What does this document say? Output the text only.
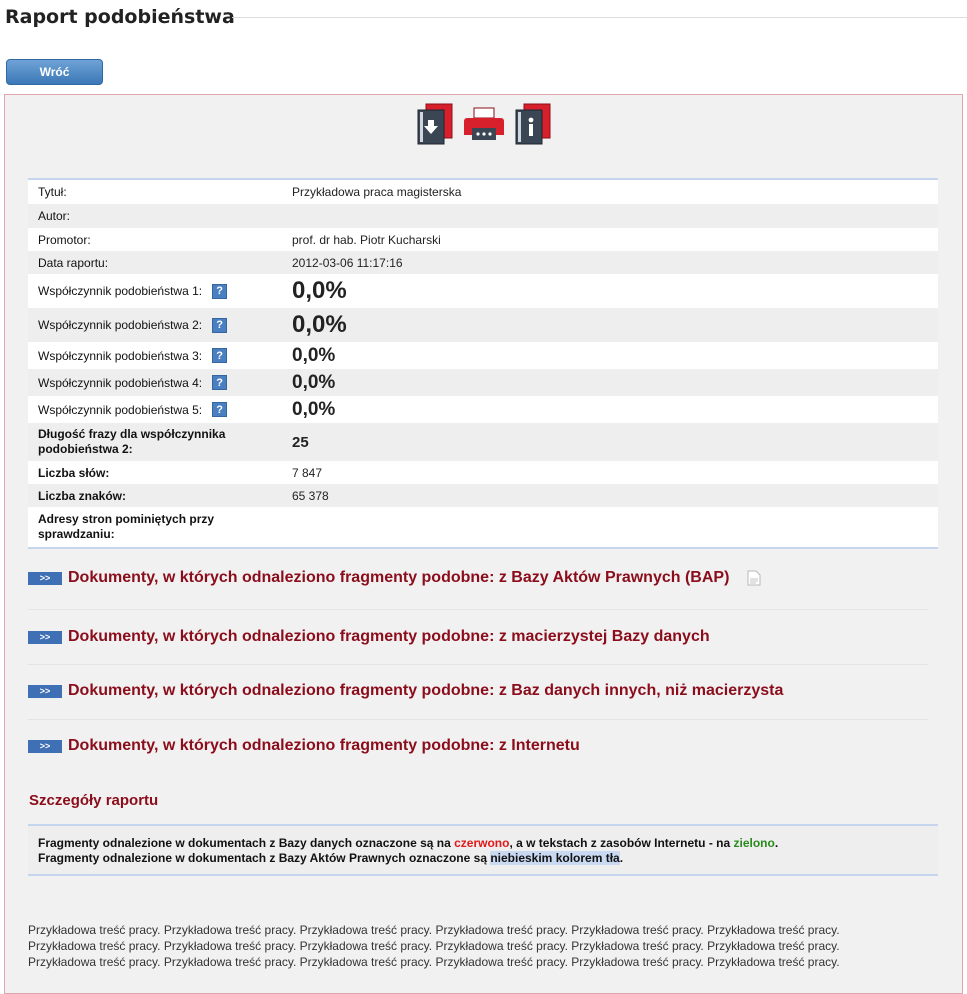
Raport podobieństwa
Wróć
Tytuł:	Przykładowa praca magisterska
Autor:
Promotor:	prof. dr hab. Piotr Kucharski
Data raportu:	2012-03-06 11:17:16
Współczynnik podobieństwa 1:	?	0,0%
Współczynnik podobieństwa 2:	?	0,0%
Współczynnik podobieństwa 3:	?	0,0%
Współczynnik podobieństwa 4:	?	0,0%
Współczynnik podobieństwa 5:	?	0,0%
Długość frazy dla współczynnika podobieństwa 2:	25
Liczba słów:	7 847
Liczba znaków:	65 378
Adresy stron pominiętych przy sprawdzaniu:
>>	Dokumenty, w których odnaleziono fragmenty podobne: z Bazy Aktów Prawnych (BAP)
>>	Dokumenty, w których odnaleziono fragmenty podobne: z macierzystej Bazy danych
>>	Dokumenty, w których odnaleziono fragmenty podobne: z Baz danych innych, niż macierzysta
>>	Dokumenty, w których odnaleziono fragmenty podobne: z Internetu
Szczegóły raportu
Fragmenty odnalezione w dokumentach z Bazy danych oznaczone są na czerwono, a w tekstach z zasobów Internetu - na zielono.
Fragmenty odnalezione w dokumentach z Bazy Aktów Prawnych oznaczone są niebieskim kolorem tła.
Przykładowa treść pracy. Przykładowa treść pracy. Przykładowa treść pracy. Przykładowa treść pracy. Przykładowa treść pracy. Przykładowa treść pracy.
Przykładowa treść pracy. Przykładowa treść pracy. Przykładowa treść pracy. Przykładowa treść pracy. Przykładowa treść pracy. Przykładowa treść pracy.
Przykładowa treść pracy. Przykładowa treść pracy. Przykładowa treść pracy. Przykładowa treść pracy. Przykładowa treść pracy. Przykładowa treść pracy.
